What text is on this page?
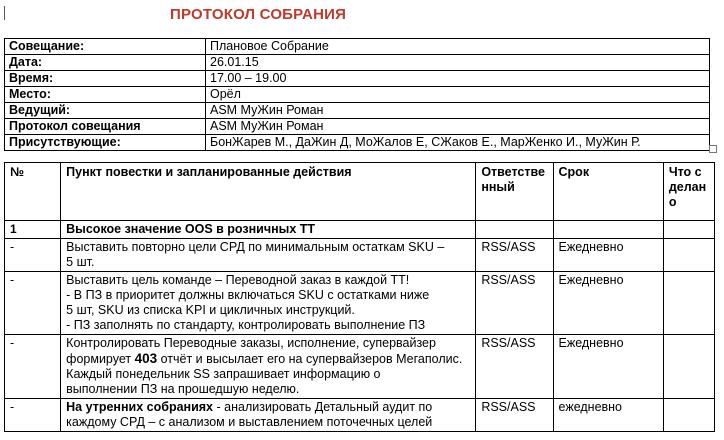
ПРОТОКОЛ СОБРАНИЯ
Совещание:	Плановое Собрание
Дата:	26.01.15
Время:	17.00 – 19.00
Место:	Орёл
Ведущий:	ASM МуЖин Роман
Протокол совещания	ASM МуЖин Роман
Присутствующие:	БонЖарев М., ДаЖин Д, МоЖалов Е, СЖаков Е., МарЖенко И., МуЖин Р.
№	Пункт повестки и запланированные действия	Ответственный	Срок	Что сделано
1	Высокое значение OOS в розничных ТТ			
-	Выставить повторно цели СРД по минимальным остаткам SKU –
5 шт.	RSS/ASS	Ежедневно	
-	Выставить цель команде – Переводной заказ в каждой ТТ!
- В ПЗ в приоритет должны включаться SKU с остатками ниже
5 шт, SKU из списка KPI и цикличных инструкций.
- ПЗ заполнять по стандарту, контролировать выполнение ПЗ	RSS/ASS	Ежедневно	
-	Контролировать Переводные заказы, исполнение, супервайзер формирует 403 отчёт и высылает его на супервайзеров Мегаполис.
Каждый понедельник SS запрашивает информацию о
выполнении ПЗ на прошедшую неделю.	RSS/ASS	Ежедневно	
-	На утренних собраниях - анализировать Детальный аудит по
каждому СРД – с анализом и выставлением поточечных целей	RSS/ASS	ежедневно	
